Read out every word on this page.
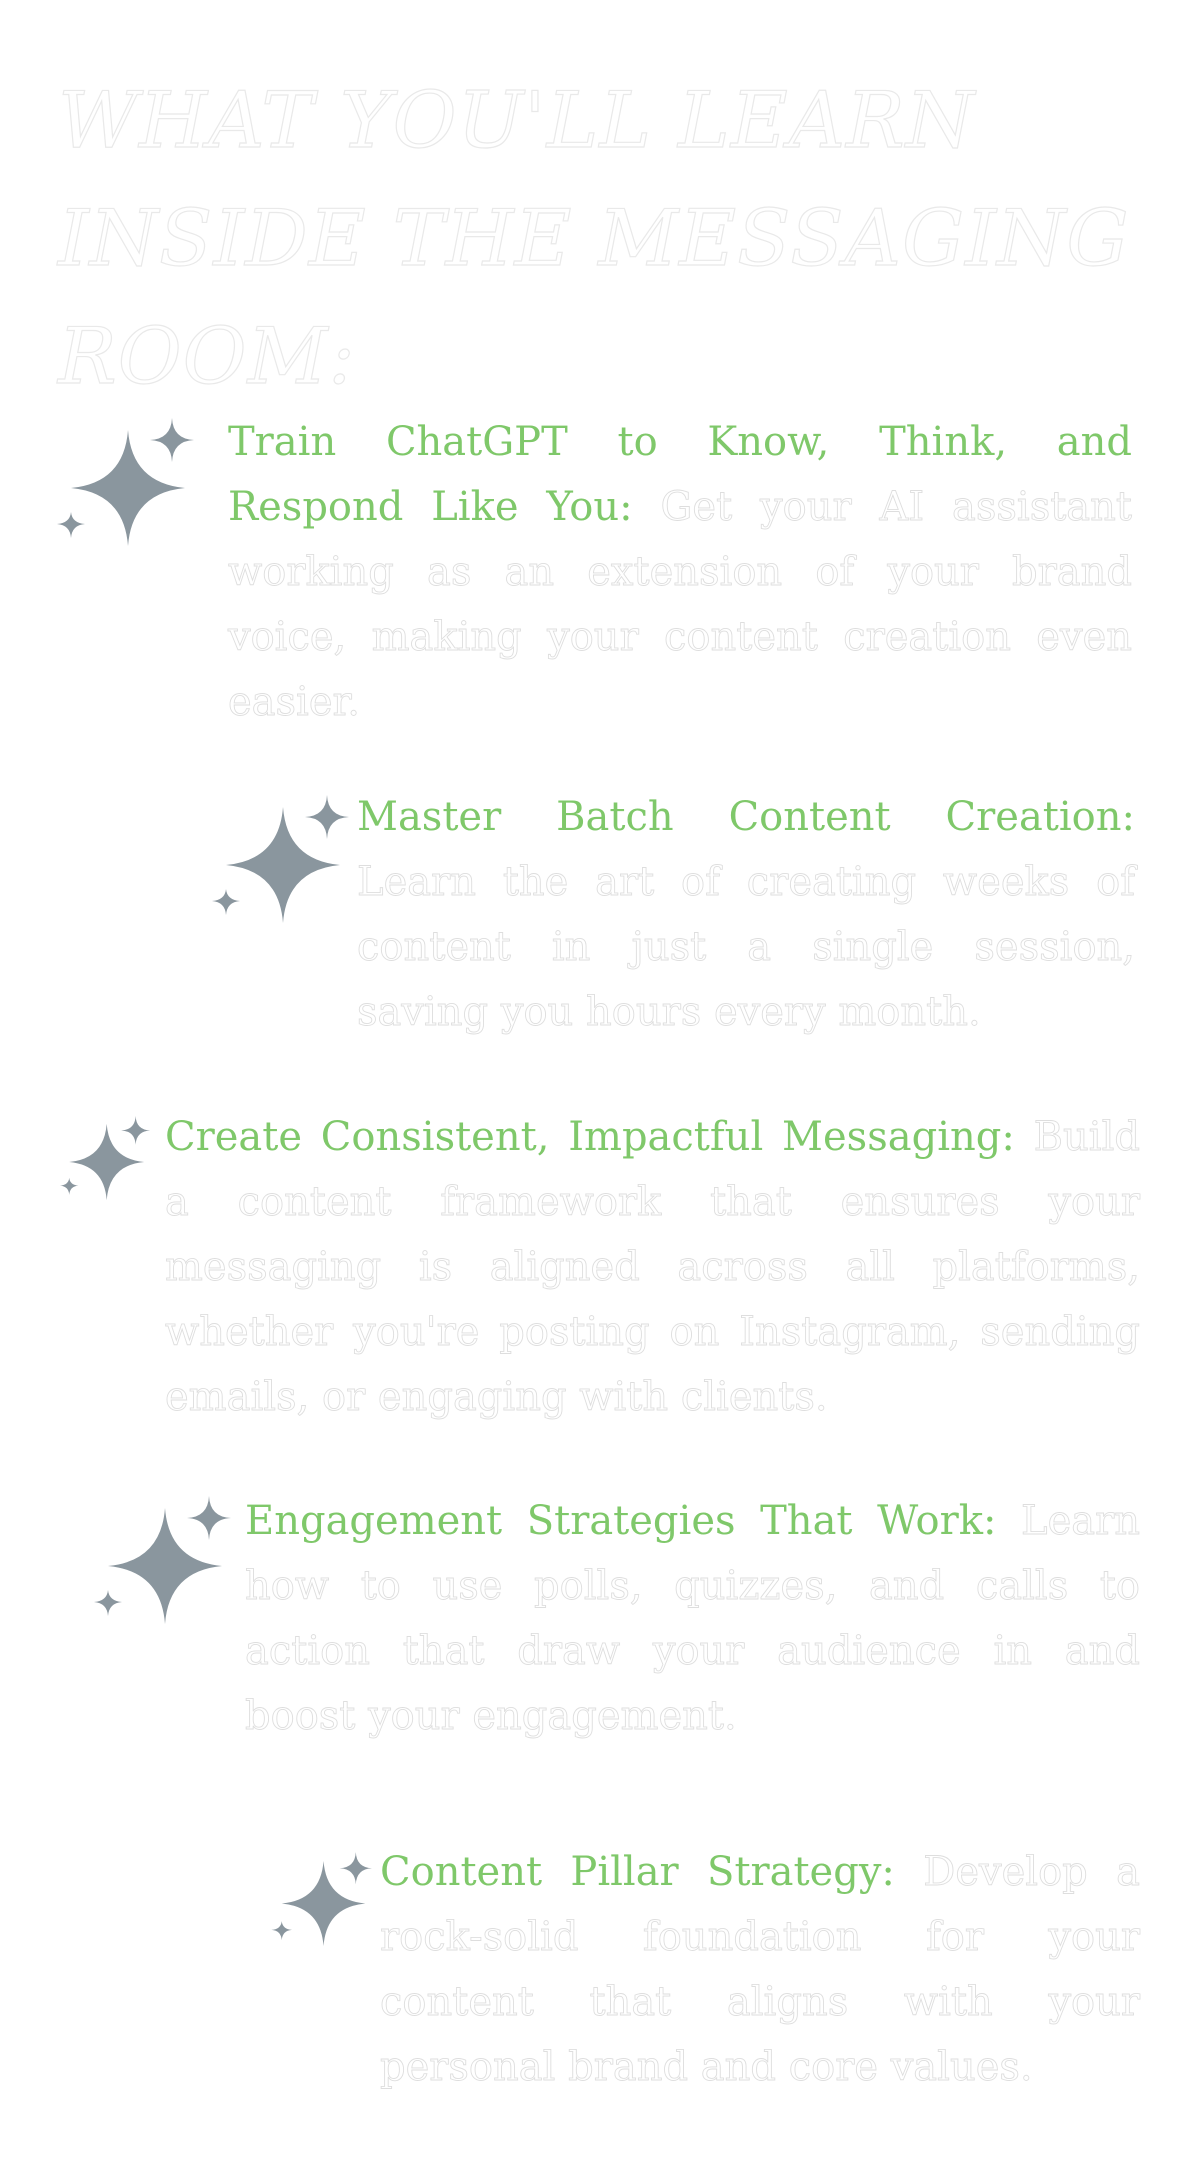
WHAT YOU'LL LEARN INSIDE THE MESSAGING ROOM:

Train ChatGPT to Know, Think, and Respond Like You: Get your AI assistant working as an extension of your brand voice, making your content creation even easier.

Master Batch Content Creation: Learn the art of creating weeks of content in just a single session, saving you hours every month.

Create Consistent, Impactful Messaging: Build a content framework that ensures your messaging is aligned across all platforms, whether you're posting on Instagram, sending emails, or engaging with clients.

Engagement Strategies That Work: Learn how to use polls, quizzes, and calls to action that draw your audience in and boost your engagement.

Content Pillar Strategy: Develop a rock-solid foundation for your content that aligns with your personal brand and core values.
